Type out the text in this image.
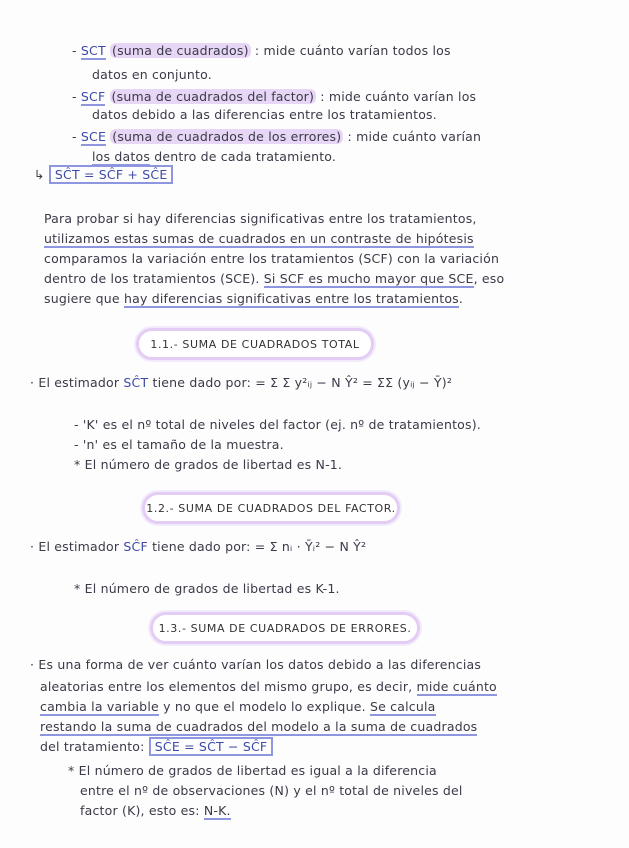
- SCT (suma de cuadrados) : mide cuánto varían todos los
datos en conjunto.
- SCF (suma de cuadrados del factor) : mide cuánto varían los
datos debido a las diferencias entre los tratamientos.
- SCE (suma de cuadrados de los errores) : mide cuánto varían
los datos dentro de cada tratamiento.
↳ SĈT = SĈF + SĈE
Para probar si hay diferencias significativas entre los tratamientos,
utilizamos estas sumas de cuadrados en un contraste de hipótesis
comparamos la variación entre los tratamientos (SCF) con la variación
dentro de los tratamientos (SCE). Si SCF es mucho mayor que SCE, eso
sugiere que hay diferencias significativas entre los tratamientos.
1.1.- SUMA DE CUADRADOS TOTAL
· El estimador SĈT tiene dado por: = Σ Σ y²ᵢⱼ − N Ŷ² = ΣΣ (yᵢⱼ − Ȳ)²
- 'K' es el nº total de niveles del factor (ej. nº de tratamientos).
- 'n' es el tamaño de la muestra.
* El número de grados de libertad es N-1.
1.2.- SUMA DE CUADRADOS DEL FACTOR.
· El estimador SĈF tiene dado por: = Σ nᵢ · Ȳᵢ² − N Ŷ²
* El número de grados de libertad es K-1.
1.3.- SUMA DE CUADRADOS DE ERRORES.
· Es una forma de ver cuánto varían los datos debido a las diferencias
aleatorias entre los elementos del mismo grupo, es decir, mide cuánto
cambia la variable y no que el modelo lo explique. Se calcula
restando la suma de cuadrados del modelo a la suma de cuadrados
del tratamiento: SĈE = SĈT − SĈF
* El número de grados de libertad es igual a la diferencia
entre el nº de observaciones (N) y el nº total de niveles del
factor (K), esto es: N-K.
